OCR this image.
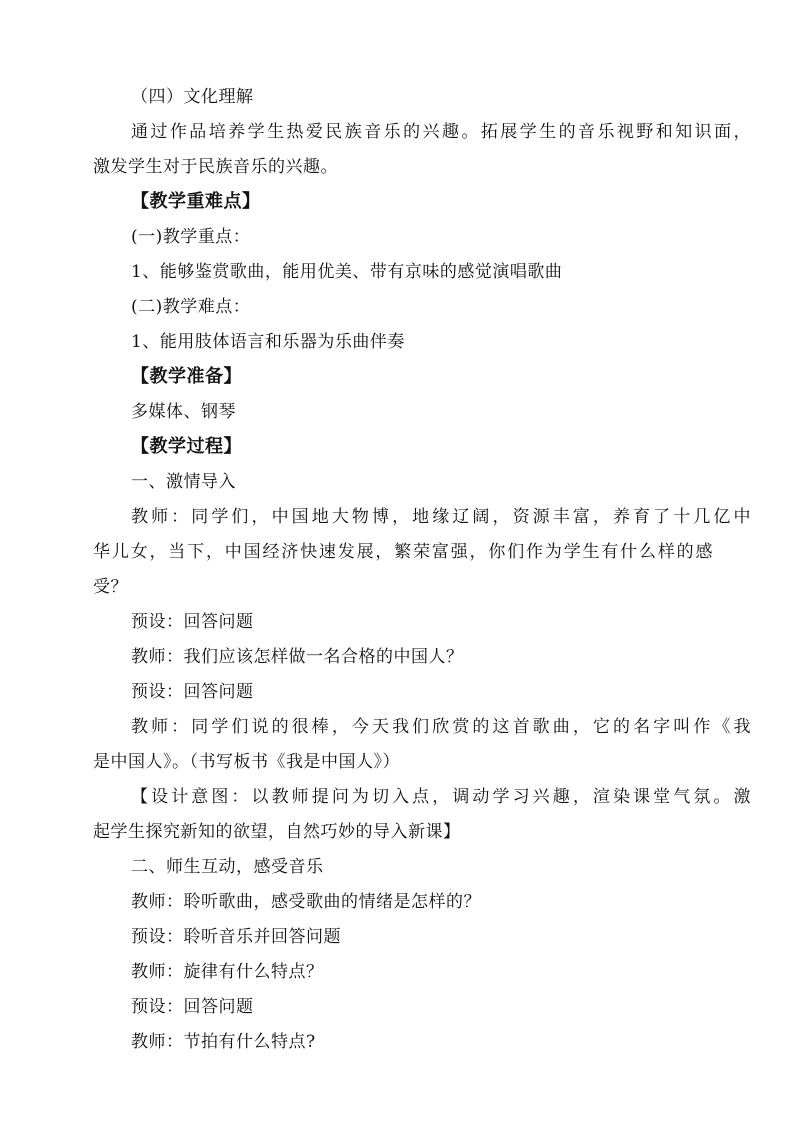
（四）文化理解
通过作品培养学生热爱民族音乐的兴趣。拓展学生的音乐视野和知识面，
激发学生对于民族音乐的兴趣。
【教学重难点】
(一)教学重点：
1、能够鉴赏歌曲，能用优美、带有京味的感觉演唱歌曲
(二)教学难点：
1、能用肢体语言和乐器为乐曲伴奏
【教学准备】
多媒体、钢琴
【教学过程】
一、激情导入
教师：同学们，中国地大物博，地缘辽阔，资源丰富，养育了十几亿中
华儿女，当下，中国经济快速发展，繁荣富强，你们作为学生有什么样的感
受？
预设：回答问题
教师：我们应该怎样做一名合格的中国人？
预设：回答问题
教师：同学们说的很棒，今天我们欣赏的这首歌曲，它的名字叫作《我
是中国人》。（书写板书《我是中国人》）
【设计意图：以教师提问为切入点，调动学习兴趣，渲染课堂气氛。激
起学生探究新知的欲望，自然巧妙的导入新课】
二、师生互动，感受音乐
教师：聆听歌曲，感受歌曲的情绪是怎样的？
预设：聆听音乐并回答问题
教师：旋律有什么特点？
预设：回答问题
教师：节拍有什么特点?
